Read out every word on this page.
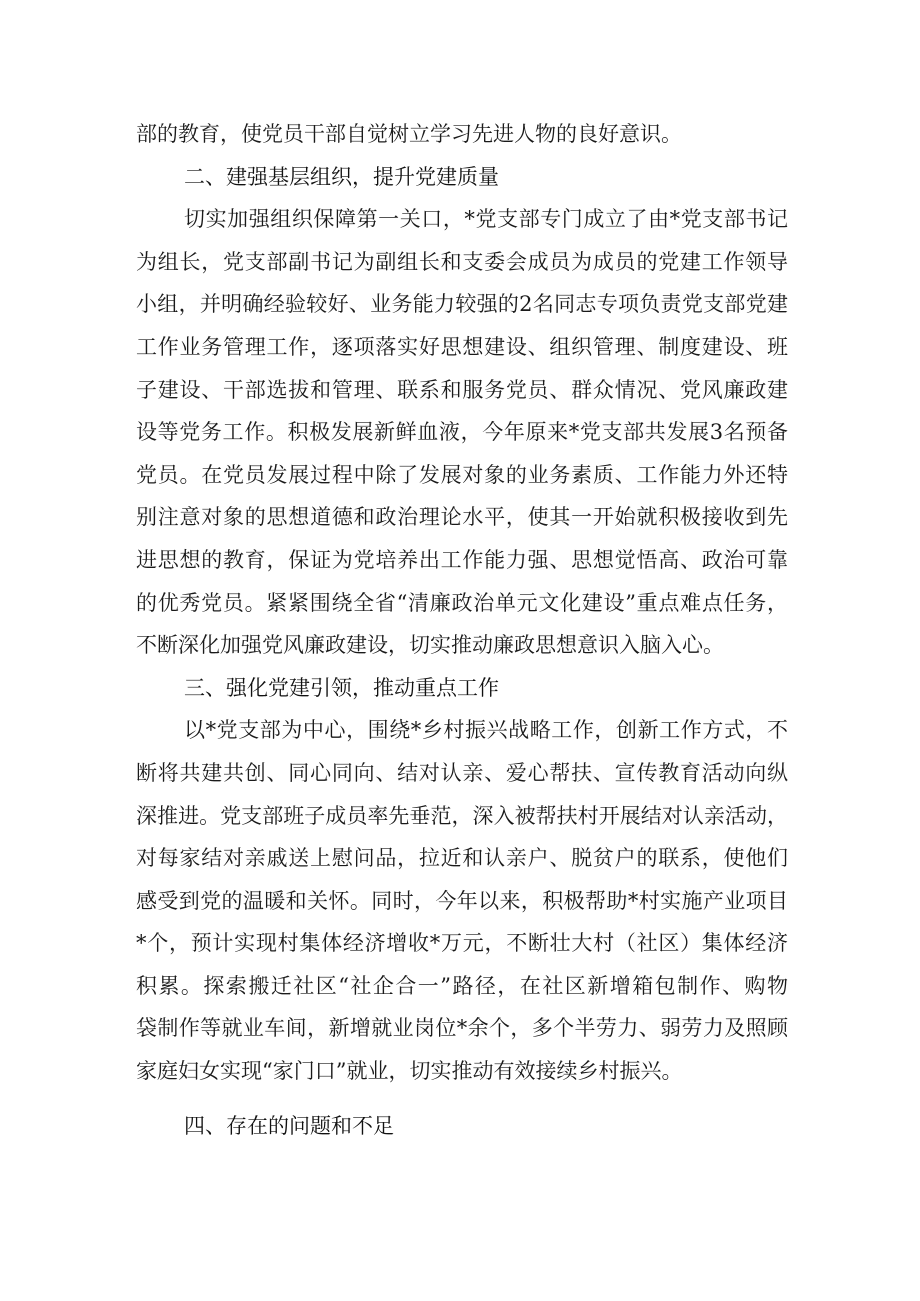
部的教育，使党员干部自觉树立学习先进人物的良好意识。
二、建强基层组织，提升党建质量
切实加强组织保障第一关口，*党支部专门成立了由*党支部书记
为组长，党支部副书记为副组长和支委会成员为成员的党建工作领导
小组，并明确经验较好、业务能力较强的2名同志专项负责党支部党建
工作业务管理工作，逐项落实好思想建设、组织管理、制度建设、班
子建设、干部选拔和管理、联系和服务党员、群众情况、党风廉政建
设等党务工作。积极发展新鲜血液，今年原来*党支部共发展3名预备
党员。在党员发展过程中除了发展对象的业务素质、工作能力外还特
别注意对象的思想道德和政治理论水平，使其一开始就积极接收到先
进思想的教育，保证为党培养出工作能力强、思想觉悟高、政治可靠
的优秀党员。紧紧围绕全省“清廉政治单元文化建设”重点难点任务，
不断深化加强党风廉政建设，切实推动廉政思想意识入脑入心。
三、强化党建引领，推动重点工作
以*党支部为中心，围绕*乡村振兴战略工作，创新工作方式，不
断将共建共创、同心同向、结对认亲、爱心帮扶、宣传教育活动向纵
深推进。党支部班子成员率先垂范，深入被帮扶村开展结对认亲活动，
对每家结对亲戚送上慰问品，拉近和认亲户、脱贫户的联系，使他们
感受到党的温暖和关怀。同时，今年以来，积极帮助*村实施产业项目
*个，预计实现村集体经济增收*万元，不断壮大村（社区）集体经济
积累。探索搬迁社区“社企合一”路径，在社区新增箱包制作、购物
袋制作等就业车间，新增就业岗位*余个，多个半劳力、弱劳力及照顾
家庭妇女实现“家门口”就业，切实推动有效接续乡村振兴。
四、存在的问题和不足
